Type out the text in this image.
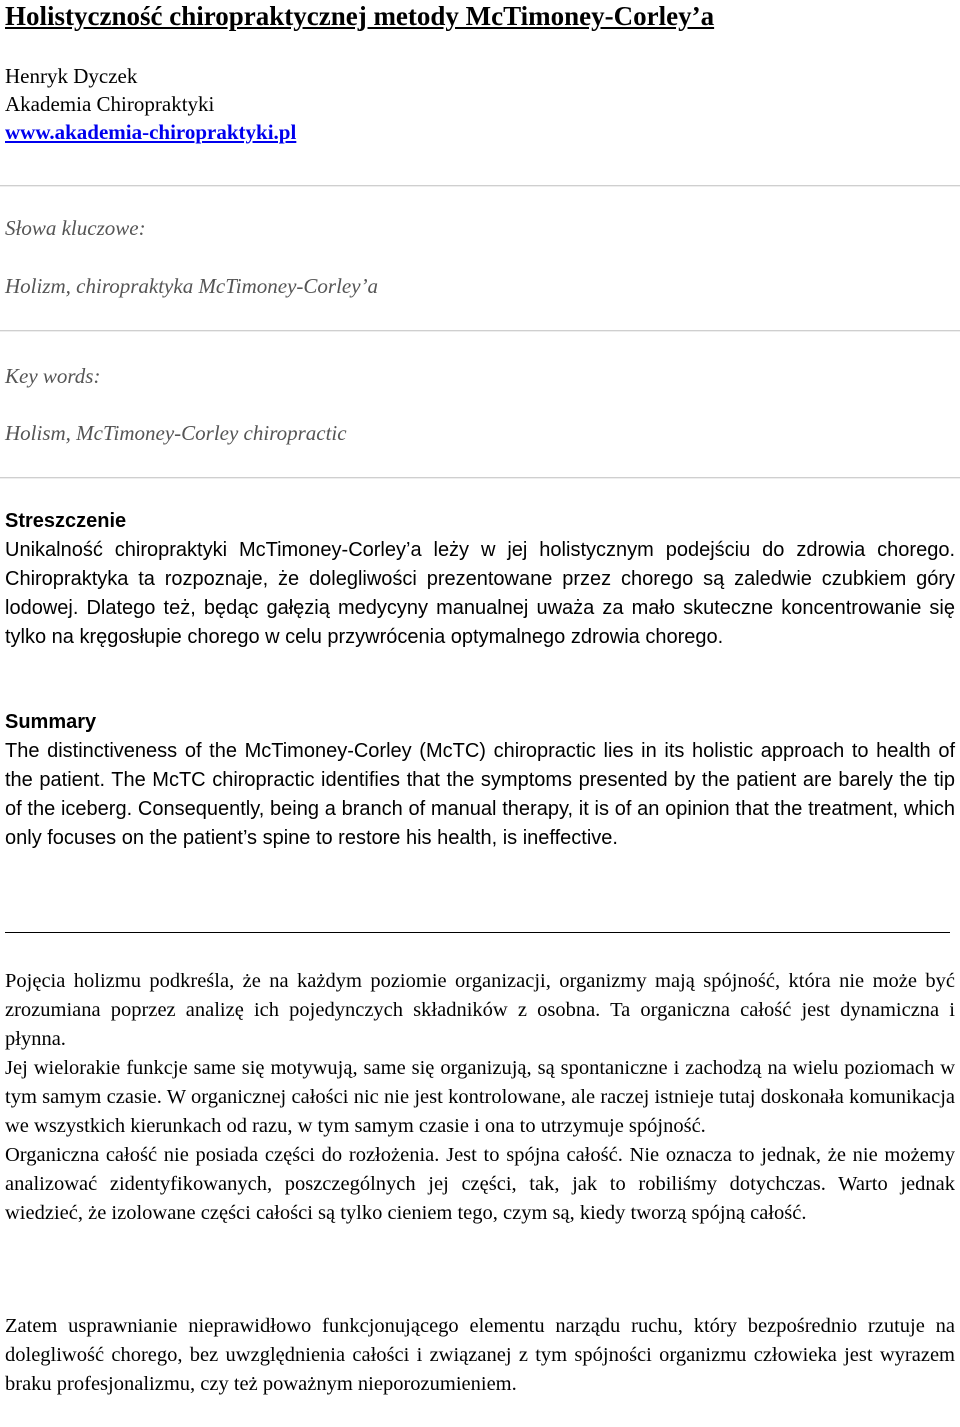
Holistyczność chiropraktycznej metody McTimoney-Corley’a
Henryk Dyczek
Akademia Chiropraktyki
www.akademia-chiropraktyki.pl
Słowa kluczowe:
Holizm, chiropraktyka McTimoney-Corley’a
Key words:
Holism, McTimoney-Corley chiropractic
Streszczenie
Unikalność chiropraktyki McTimoney-Corley’a leży w jej holistycznym podejściu do zdrowia chorego. Chiropraktyka ta rozpoznaje, że dolegliwości prezentowane przez chorego są zaledwie czubkiem góry lodowej. Dlatego też, będąc gałęzią medycyny manualnej uważa za mało skuteczne koncentrowanie się tylko na kręgosłupie chorego w celu przywrócenia optymalnego zdrowia chorego.
Summary
The distinctiveness of the McTimoney-Corley (McTC) chiropractic lies in its holistic approach to health of the patient. The McTC chiropractic identifies that the symptoms presented by the patient are barely the tip of the iceberg. Consequently, being a branch of manual therapy, it is of an opinion that the treatment, which only focuses on the patient’s spine to restore his health, is ineffective.

Pojęcia holizmu podkreśla, że na każdym poziomie organizacji, organizmy mają spójność, która nie może być zrozumiana poprzez analizę ich pojedynczych składników z osobna. Ta organiczna całość jest dynamiczna i płynna.

Jej wielorakie funkcje same się motywują, same się organizują, są spontaniczne i zachodzą na wielu poziomach w tym samym czasie. W organicznej całości nic nie jest kontrolowane, ale raczej istnieje tutaj doskonała komunikacja we wszystkich kierunkach od razu, w tym samym czasie i ona to utrzymuje spójność.

Organiczna całość nie posiada części do rozłożenia. Jest to spójna całość. Nie oznacza to jednak, że nie możemy analizować zidentyfikowanych, poszczególnych jej części, tak, jak to robiliśmy dotychczas. Warto jednak wiedzieć, że izolowane części całości są tylko cieniem tego, czym są, kiedy tworzą spójną całość.

Zatem usprawnianie nieprawidłowo funkcjonującego elementu narządu ruchu, który bezpośrednio rzutuje na dolegliwość chorego, bez uwzględnienia całości i związanej z tym spójności organizmu człowieka jest wyrazem braku profesjonalizmu, czy też poważnym nieporozumieniem.
